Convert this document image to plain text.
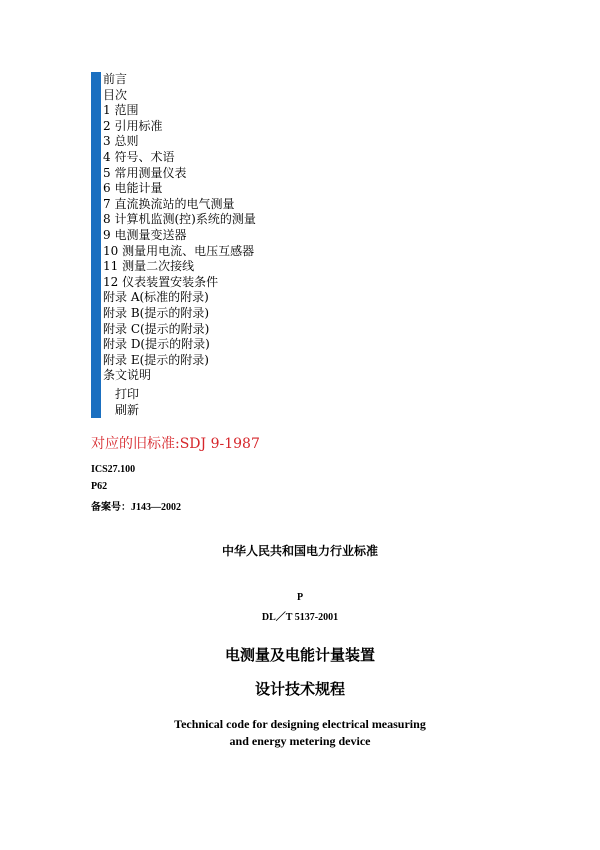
前言
目次
1 范围
2 引用标准
3 总则
4 符号、术语
5 常用测量仪表
6 电能计量
7 直流换流站的电气测量
8 计算机监测(控)系统的测量
9 电测量变送器
10 测量用电流、电压互感器
11 测量二次接线
12 仪表装置安装条件
附录 A(标准的附录)
附录 B(提示的附录)
附录 C(提示的附录)
附录 D(提示的附录)
附录 E(提示的附录)
条文说明
打印
刷新
对应的旧标准:SDJ 9-1987
ICS27.100
P62
备案号：J143—2002
中华人民共和国电力行业标准
P
DL／T 5137-2001
电测量及电能计量装置
设计技术规程
Technical code for designing electrical measuring
and energy metering device
